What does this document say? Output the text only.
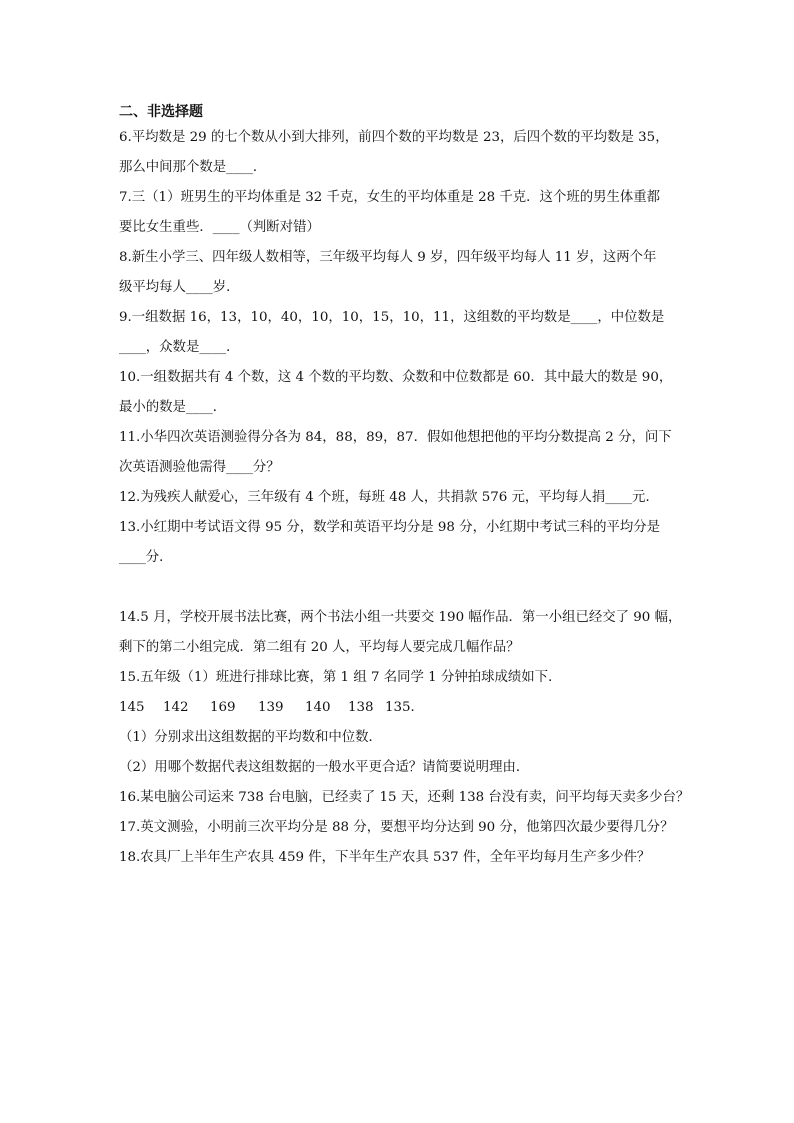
二、非选择题
6.平均数是 29 的七个数从小到大排列，前四个数的平均数是 23，后四个数的平均数是 35，
那么中间那个数是____．
7.三（1）班男生的平均体重是 32 千克，女生的平均体重是 28 千克．这个班的男生体重都
要比女生重些．____（判断对错）
8.新生小学三、四年级人数相等，三年级平均每人 9 岁，四年级平均每人 11 岁，这两个年
级平均每人____岁．
9.一组数据 16，13，10，40，10，10，15，10，11，这组数的平均数是____，中位数是
____，众数是____．
10.一组数据共有 4 个数，这 4 个数的平均数、众数和中位数都是 60．其中最大的数是 90，
最小的数是____．
11.小华四次英语测验得分各为 84，88，89，87．假如他想把他的平均分数提高 2 分，问下
次英语测验他需得____分？
12.为残疾人献爱心，三年级有 4 个班，每班 48 人，共捐款 576 元，平均每人捐____元．
13.小红期中考试语文得 95 分，数学和英语平均分是 98 分，小红期中考试三科的平均分是
____分．
14.5 月，学校开展书法比赛，两个书法小组一共要交 190 幅作品．第一小组已经交了 90 幅，
剩下的第二小组完成．第二组有 20 人，平均每人要完成几幅作品？
15.五年级（1）班进行排球比赛，第 1 组 7 名同学 1 分钟拍球成绩如下．
145 142 169 139 140 138 135．
（1）分别求出这组数据的平均数和中位数．
（2）用哪个数据代表这组数据的一般水平更合适？请简要说明理由．
16.某电脑公司运来 738 台电脑，已经卖了 15 天，还剩 138 台没有卖，问平均每天卖多少台？
17.英文测验，小明前三次平均分是 88 分，要想平均分达到 90 分，他第四次最少要得几分？
18.农具厂上半年生产农具 459 件，下半年生产农具 537 件，全年平均每月生产多少件？
